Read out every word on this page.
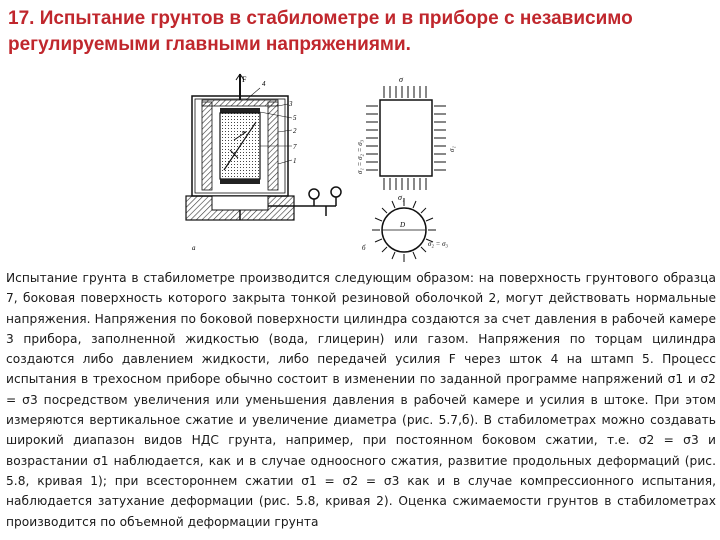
17. Испытание грунтов в стабилометре и в приборе с независимо регулируемыми главными напряжениями.
F 4
3
5
2
7
1
а
σ
σ₁
σ₁ = σ₂ = σ₃	σ₁
D
σ₂ = σ₃
б

Испытание грунта в стабилометре производится следующим образом: на поверхность грунтового образца 7, боковая поверхность которого закрыта тонкой резиновой оболочкой 2, могут действовать нормальные напряжения. Напряжения по боковой поверхности цилиндра создаются за счет давления в рабочей камере 3 прибора, заполненной жидкостью (вода, глицерин) или газом. Напряжения по торцам цилиндра создаются либо давлением жидкости, либо передачей усилия F через шток 4 на штамп 5. Процесс испытания в трехосном приборе обычно состоит в изменении по заданной программе напряжений σ1 и σ2 = σ3 посредством увеличения или уменьшения давления в рабочей камере и усилия в штоке. При этом измеряются вертикальное сжатие и увеличение диаметра (рис. 5.7,б). В стабилометрах можно создавать широкий диапазон видов НДС грунта, например, при постоянном боковом сжатии, т.е. σ2 = σ3 и возрастании σ1 наблюдается, как и в случае одноосного сжатия, развитие продольных деформаций (рис. 5.8, кривая 1); при всестороннем сжатии σ1 = σ2 = σ3 как и в случае компрессионного испытания, наблюдается затухание деформации (рис. 5.8, кривая 2). Оценка сжимаемости грунтов в стабилометрах производится по объемной деформации грунта
